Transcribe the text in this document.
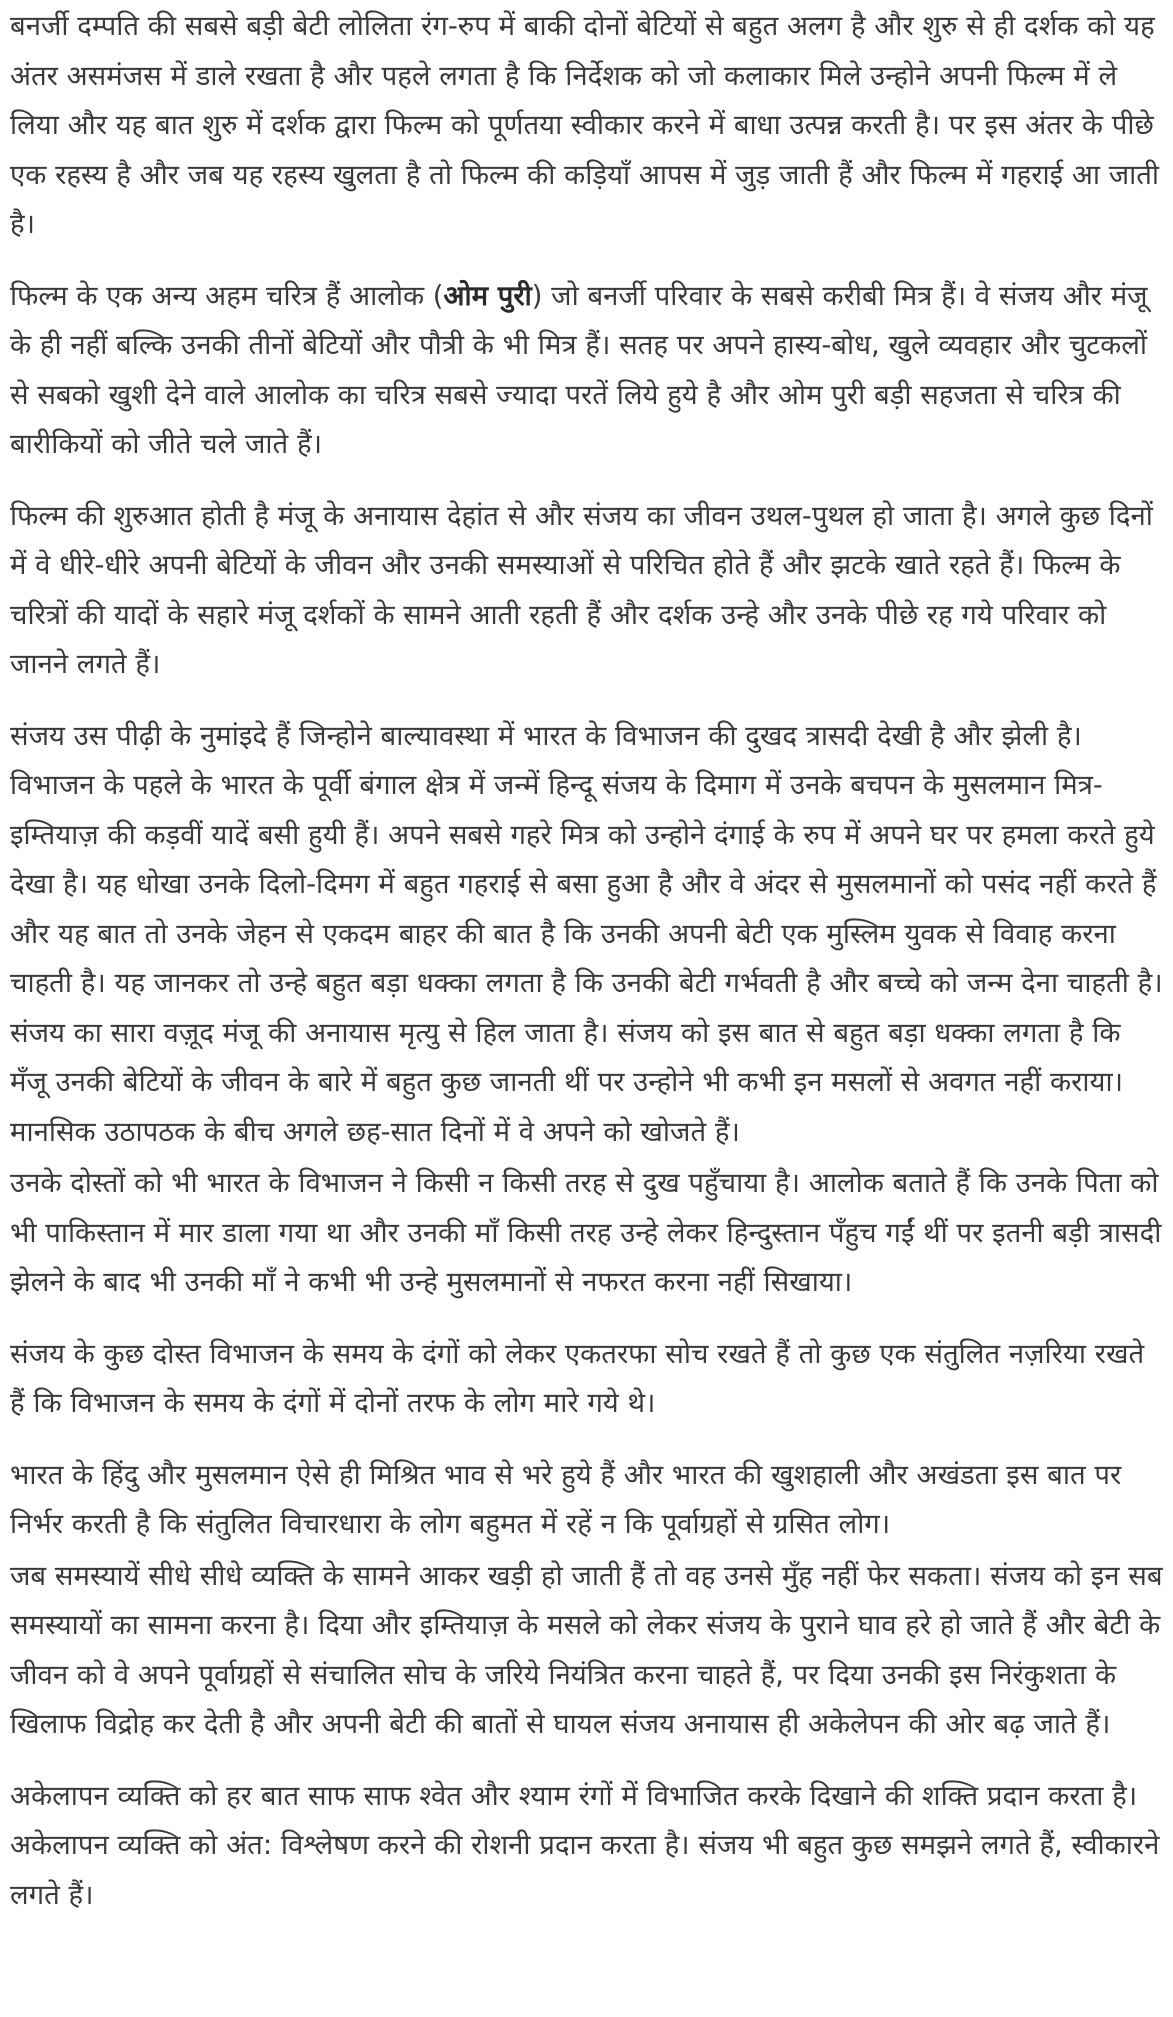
बनर्जी दम्पति की सबसे बड़ी बेटी लोलिता रंग-रुप में बाकी दोनों बेटियों से बहुत अलग है और शुरु से ही दर्शक को यह अंतर असमंजस में डाले रखता है और पहले लगता है कि निर्देशक को जो कलाकार मिले उन्होने अपनी फिल्म में ले लिया और यह बात शुरु में दर्शक द्वारा फिल्म को पूर्णतया स्वीकार करने में बाधा उत्पन्न करती है। पर इस अंतर के पीछे एक रहस्य है और जब यह रहस्य खुलता है तो फिल्म की कड़ियाँ आपस में जुड़ जाती हैं और फिल्म में गहराई आ जाती है।

फिल्म के एक अन्य अहम चरित्र हैं आलोक (ओम पुरी) जो बनर्जी परिवार के सबसे करीबी मित्र हैं। वे संजय और मंजू के ही नहीं बल्कि उनकी तीनों बेटियों और पौत्री के भी मित्र हैं। सतह पर अपने हास्य-बोध, खुले व्यवहार और चुटकलों से सबको खुशी देने वाले आलोक का चरित्र सबसे ज्यादा परतें लिये हुये है और ओम पुरी बड़ी सहजता से चरित्र की बारीकियों को जीते चले जाते हैं।

फिल्म की शुरुआत होती है मंजू के अनायास देहांत से और संजय का जीवन उथल-पुथल हो जाता है। अगले कुछ दिनों में वे धीरे-धीरे अपनी बेटियों के जीवन और उनकी समस्याओं से परिचित होते हैं और झटके खाते रहते हैं। फिल्म के चरित्रों की यादों के सहारे मंजू दर्शकों के सामने आती रहती हैं और दर्शक उन्हे और उनके पीछे रह गये परिवार को जानने लगते हैं।

संजय उस पीढ़ी के नुमांइदे हैं जिन्होने बाल्यावस्था में भारत के विभाजन की दुखद त्रासदी देखी है और झेली है। विभाजन के पहले के भारत के पूर्वी बंगाल क्षेत्र में जन्में हिन्दू संजय के दिमाग में उनके बचपन के मुसलमान मित्र-इम्तियाज़ की कड़वीं यादें बसी हुयी हैं। अपने सबसे गहरे मित्र को उन्होने दंगाई के रुप में अपने घर पर हमला करते हुये देखा है। यह धोखा उनके दिलो-दिमग में बहुत गहराई से बसा हुआ है और वे अंदर से मुसलमानों को पसंद नहीं करते हैं और यह बात तो उनके जेहन से एकदम बाहर की बात है कि उनकी अपनी बेटी एक मुस्लिम युवक से विवाह करना चाहती है। यह जानकर तो उन्हे बहुत बड़ा धक्का लगता है कि उनकी बेटी गर्भवती है और बच्चे को जन्म देना चाहती है। संजय का सारा वज़ूद मंजू की अनायास मृत्यु से हिल जाता है। संजय को इस बात से बहुत बड़ा धक्का लगता है कि मँजू उनकी बेटियों के जीवन के बारे में बहुत कुछ जानती थीं पर उन्होने भी कभी इन मसलों से अवगत नहीं कराया। मानसिक उठापठक के बीच अगले छह-सात दिनों में वे अपने को खोजते हैं।

उनके दोस्तों को भी भारत के विभाजन ने किसी न किसी तरह से दुख पहुँचाया है। आलोक बताते हैं कि उनके पिता को भी पाकिस्तान में मार डाला गया था और उनकी माँ किसी तरह उन्हे लेकर हिन्दुस्तान पँहुच गईं थीं पर इतनी बड़ी त्रासदी झेलने के बाद भी उनकी माँ ने कभी भी उन्हे मुसलमानों से नफरत करना नहीं सिखाया।

संजय के कुछ दोस्त विभाजन के समय के दंगों को लेकर एकतरफा सोच रखते हैं तो कुछ एक संतुलित नज़रिया रखते हैं कि विभाजन के समय के दंगों में दोनों तरफ के लोग मारे गये थे।

भारत के हिंदु और मुसलमान ऐसे ही मिश्रित भाव से भरे हुये हैं और भारत की खुशहाली और अखंडता इस बात पर निर्भर करती है कि संतुलित विचारधारा के लोग बहुमत में रहें न कि पूर्वाग्रहों से ग्रसित लोग।

जब समस्यायें सीधे सीधे व्यक्ति के सामने आकर खड़ी हो जाती हैं तो वह उनसे मुँह नहीं फेर सकता। संजय को इन सब समस्यायों का सामना करना है। दिया और इम्तियाज़ के मसले को लेकर संजय के पुराने घाव हरे हो जाते हैं और बेटी के जीवन को वे अपने पूर्वाग्रहों से संचालित सोच के जरिये नियंत्रित करना चाहते हैं, पर दिया उनकी इस निरंकुशता के खिलाफ विद्रोह कर देती है और अपनी बेटी की बातों से घायल संजय अनायास ही अकेलेपन की ओर बढ़ जाते हैं।

अकेलापन व्यक्ति को हर बात साफ साफ श्वेत और श्याम रंगों में विभाजित करके दिखाने की शक्ति प्रदान करता है। अकेलापन व्यक्ति को अंत: विश्लेषण करने की रोशनी प्रदान करता है। संजय भी बहुत कुछ समझने लगते हैं, स्वीकारने लगते हैं।
